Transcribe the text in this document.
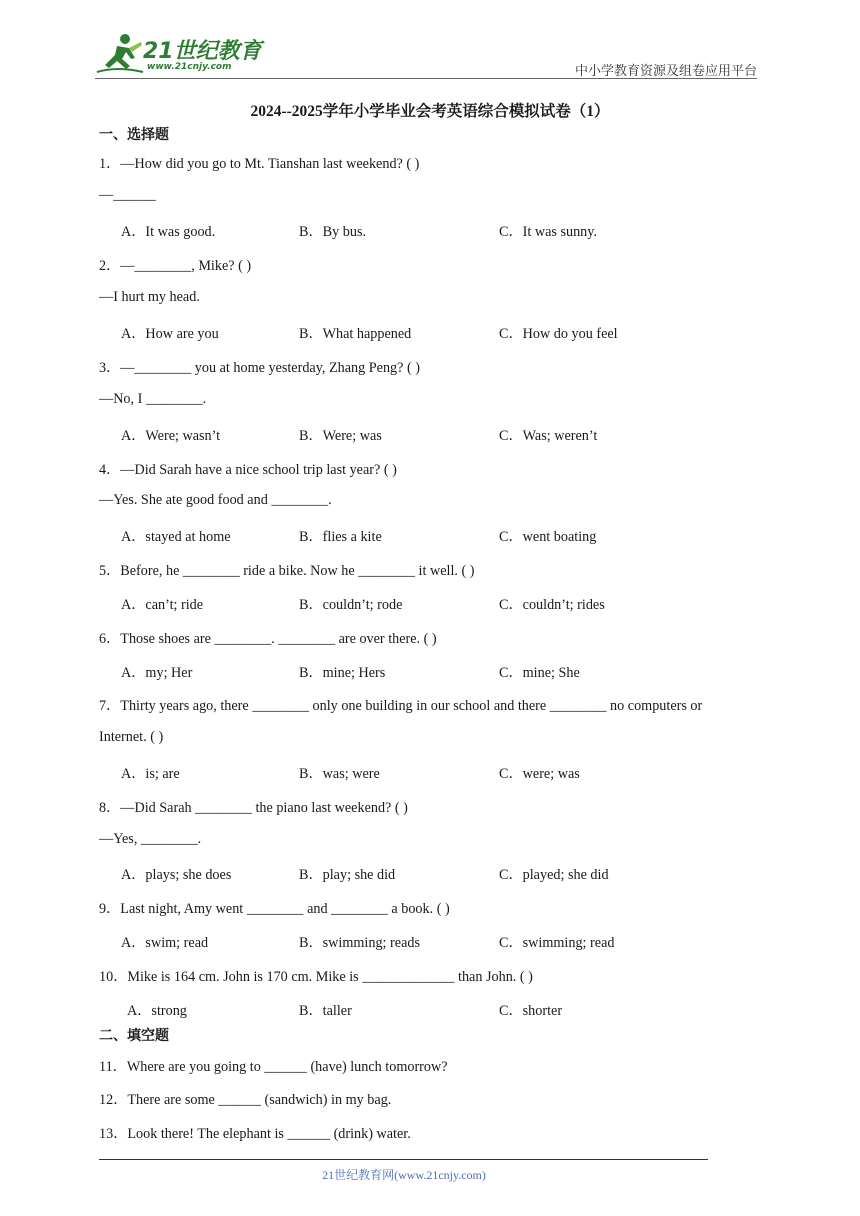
21世纪教育
www.21cnjy.com	中小学教育资源及组卷应用平台
2024--2025学年小学毕业会考英语综合模拟试卷（1）
一、选择题
1．—How did you go to Mt. Tianshan last weekend? ( )
—______
A．It was good.	B．By bus.	C．It was sunny.
2．—________, Mike? ( )
—I hurt my head.
A．How are you	B．What happened	C．How do you feel
3．—________ you at home yesterday, Zhang Peng? ( )
—No, I ________.
A．Were; wasn’t	B．Were; was	C．Was; weren’t
4．—Did Sarah have a nice school trip last year? ( )
—Yes. She ate good food and ________.
A．stayed at home	B．flies a kite	C．went boating
5．Before, he ________ ride a bike. Now he ________ it well. ( )
A．can’t; ride	B．couldn’t; rode	C．couldn’t; rides
6．Those shoes are ________. ________ are over there. ( )
A．my; Her	B．mine; Hers	C．mine; She
7．Thirty years ago, there ________ only one building in our school and there ________ no computers or
Internet. ( )
A．is; are	B．was; were	C．were; was
8．—Did Sarah ________ the piano last weekend? ( )
—Yes, ________.
A．plays; she does	B．play; she did	C．played; she did
9．Last night, Amy went ________ and ________ a book. ( )
A．swim; read	B．swimming; reads	C．swimming; read
10．Mike is 164 cm. John is 170 cm. Mike is _____________ than John. ( )
A．strong	B．taller	C．shorter
二、填空题
11．Where are you going to ______ (have) lunch tomorrow?
12．There are some ______ (sandwich) in my bag.
13．Look there! The elephant is ______ (drink) water.
21世纪教育网(www.21cnjy.com)
